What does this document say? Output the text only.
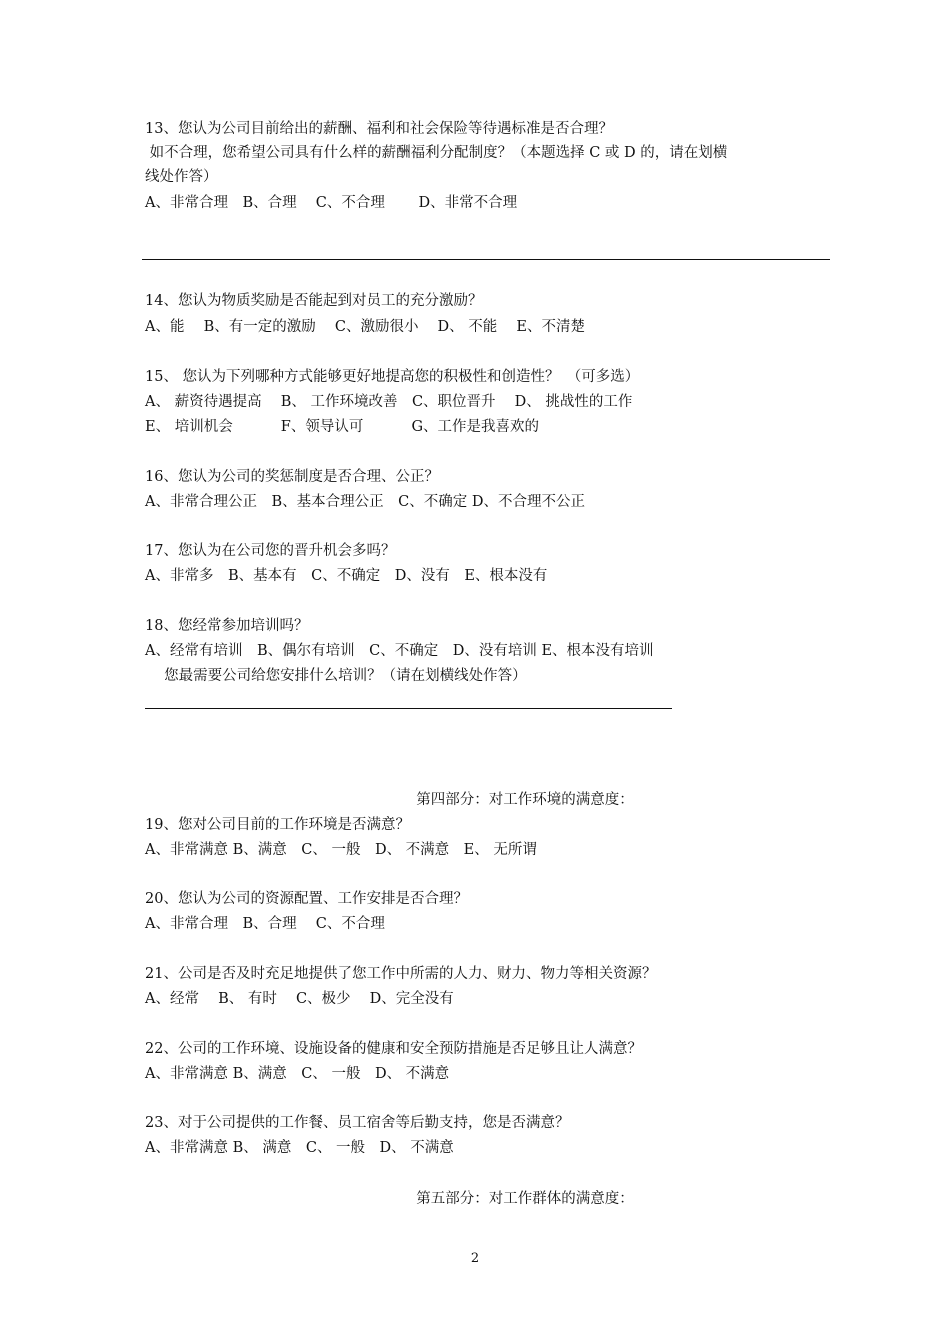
13、您认为公司目前给出的薪酬、福利和社会保险等待遇标准是否合理？
如不合理，您希望公司具有什么样的薪酬福利分配制度？（本题选择 C 或 D 的，请在划横
线处作答）
A、非常合理　B、合理　 C、不合理　　 D、非常不合理
14、您认为物质奖励是否能起到对员工的充分激励？
A、能　 B、有一定的激励　 C、激励很小　 D、 不能　 E、不清楚
15、 您认为下列哪种方式能够更好地提高您的积极性和创造性？　（可多选）
A、 薪资待遇提高　 B、 工作环境改善　C、职位晋升　 D、 挑战性的工作
E、 培训机会　　　 F、领导认可　　　 G、工作是我喜欢的
16、您认为公司的奖惩制度是否合理、公正？
A、非常合理公正　B、基本合理公正　C、不确定 D、不合理不公正
17、您认为在公司您的晋升机会多吗？
A、非常多　B、基本有　C、不确定　D、没有　E、根本没有
18、您经常参加培训吗？
A、经常有培训　B、偶尔有培训　C、不确定　D、没有培训 E、根本没有培训
　 您最需要公司给您安排什么培训？（请在划横线处作答）
第四部分：对工作环境的满意度：
19、您对公司目前的工作环境是否满意？
A、非常满意 B、满意　C、 一般　D、 不满意　E、 无所谓
20、您认为公司的资源配置、工作安排是否合理？
A、非常合理　B、合理　 C、不合理
21、公司是否及时充足地提供了您工作中所需的人力、财力、物力等相关资源？
A、经常　 B、 有时　 C、极少　 D、完全没有
22、公司的工作环境、设施设备的健康和安全预防措施是否足够且让人满意？
A、非常满意 B、满意　C、 一般　D、 不满意
23、对于公司提供的工作餐、员工宿舍等后勤支持，您是否满意？
A、非常满意 B、 满意　C、 一般　D、 不满意
第五部分：对工作群体的满意度：
2
